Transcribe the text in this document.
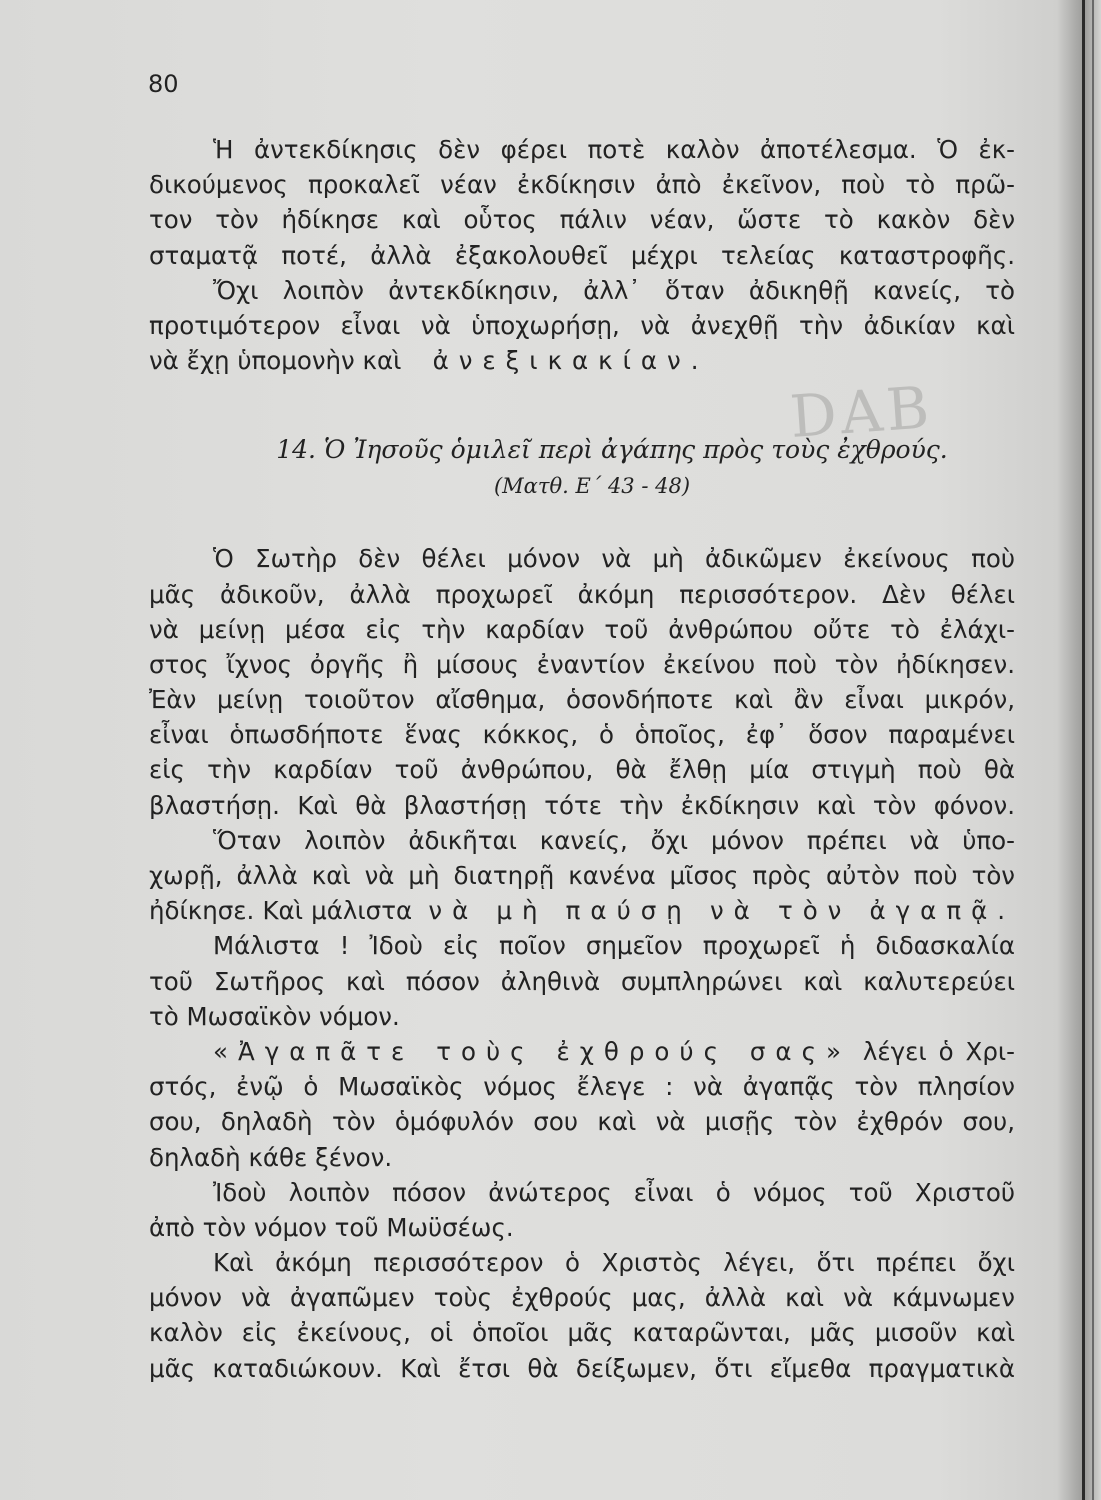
DAB
80
Ἡ ἀντεκδίκησις δὲν φέρει ποτὲ καλὸν ἀποτέλεσμα. Ὁ ἐκ-
δικούμενος προκαλεῖ νέαν ἐκδίκησιν ἀπὸ ἐκεῖνον, ποὺ τὸ πρῶ-
τον τὸν ἠδίκησε καὶ οὗτος πάλιν νέαν, ὥστε τὸ κακὸν δὲν
σταματᾷ ποτέ, ἀλλὰ ἐξακολουθεῖ μέχρι τελείας καταστροφῆς.
Ὄχι λοιπὸν ἀντεκδίκησιν, ἀλλ᾽ ὅταν ἀδικηθῇ κανείς, τὸ
προτιμότερον εἶναι νὰ ὑποχωρήσῃ, νὰ ἀνεχθῇ τὴν ἀδικίαν καὶ
νὰ ἔχῃ ὑπομονὴν καὶ ἀνεξικακίαν.
14. Ὁ Ἰησοῦς ὁμιλεῖ περὶ ἀγάπης πρὸς τοὺς ἐχθρούς.
(Ματθ. Ε΄ 43 - 48)
Ὁ Σωτὴρ δὲν θέλει μόνον νὰ μὴ ἀδικῶμεν ἐκείνους ποὺ
μᾶς ἀδικοῦν, ἀλλὰ προχωρεῖ ἀκόμη περισσότερον. Δὲν θέλει
νὰ μείνῃ μέσα εἰς τὴν καρδίαν τοῦ ἀνθρώπου οὔτε τὸ ἐλάχι-
στος ἴχνος ὀργῆς ἢ μίσους ἐναντίον ἐκείνου ποὺ τὸν ἠδίκησεν.
Ἐὰν μείνῃ τοιοῦτον αἴσθημα, ὁσονδήποτε καὶ ἂν εἶναι μικρόν,
εἶναι ὁπωσδήποτε ἕνας κόκκος, ὁ ὁποῖος, ἐφ᾽ ὅσον παραμένει
εἰς τὴν καρδίαν τοῦ ἀνθρώπου, θὰ ἔλθῃ μία στιγμὴ ποὺ θὰ
βλαστήσῃ. Καὶ θὰ βλαστήσῃ τότε τὴν ἐκδίκησιν καὶ τὸν φόνον.
Ὅταν λοιπὸν ἀδικῆται κανείς, ὄχι μόνον πρέπει νὰ ὑπο-
χωρῇ, ἀλλὰ καὶ νὰ μὴ διατηρῇ κανένα μῖσος πρὸς αὐτὸν ποὺ τὸν
ἠδίκησε. Καὶ μάλιστα νὰ μὴ παύσῃ νὰ τὸν ἀγαπᾷ.
Μάλιστα ! Ἰδοὺ εἰς ποῖον σημεῖον προχωρεῖ ἡ διδασκαλία
τοῦ Σωτῆρος καὶ πόσον ἀληθινὰ συμπληρώνει καὶ καλυτερεύει
τὸ Μωσαϊκὸν νόμον.
«Ἀγαπᾶτε τοὺς ἐχθρούς σας» λέγει ὁ Χρι-
στός, ἐνῷ ὁ Μωσαϊκὸς νόμος ἔλεγε : νὰ ἀγαπᾷς τὸν πλησίον
σου, δηλαδὴ τὸν ὁμόφυλόν σου καὶ νὰ μισῇς τὸν ἐχθρόν σου,
δηλαδὴ κάθε ξένον.
Ἰδοὺ λοιπὸν πόσον ἀνώτερος εἶναι ὁ νόμος τοῦ Χριστοῦ
ἀπὸ τὸν νόμον τοῦ Μωϋσέως.
Καὶ ἀκόμη περισσότερον ὁ Χριστὸς λέγει, ὅτι πρέπει ὄχι
μόνον νὰ ἀγαπῶμεν τοὺς ἐχθρούς μας, ἀλλὰ καὶ νὰ κάμνωμεν
καλὸν εἰς ἐκείνους, οἱ ὁποῖοι μᾶς καταρῶνται, μᾶς μισοῦν καὶ
μᾶς καταδιώκουν. Καὶ ἔτσι θὰ δείξωμεν, ὅτι εἴμεθα πραγματικὰ
